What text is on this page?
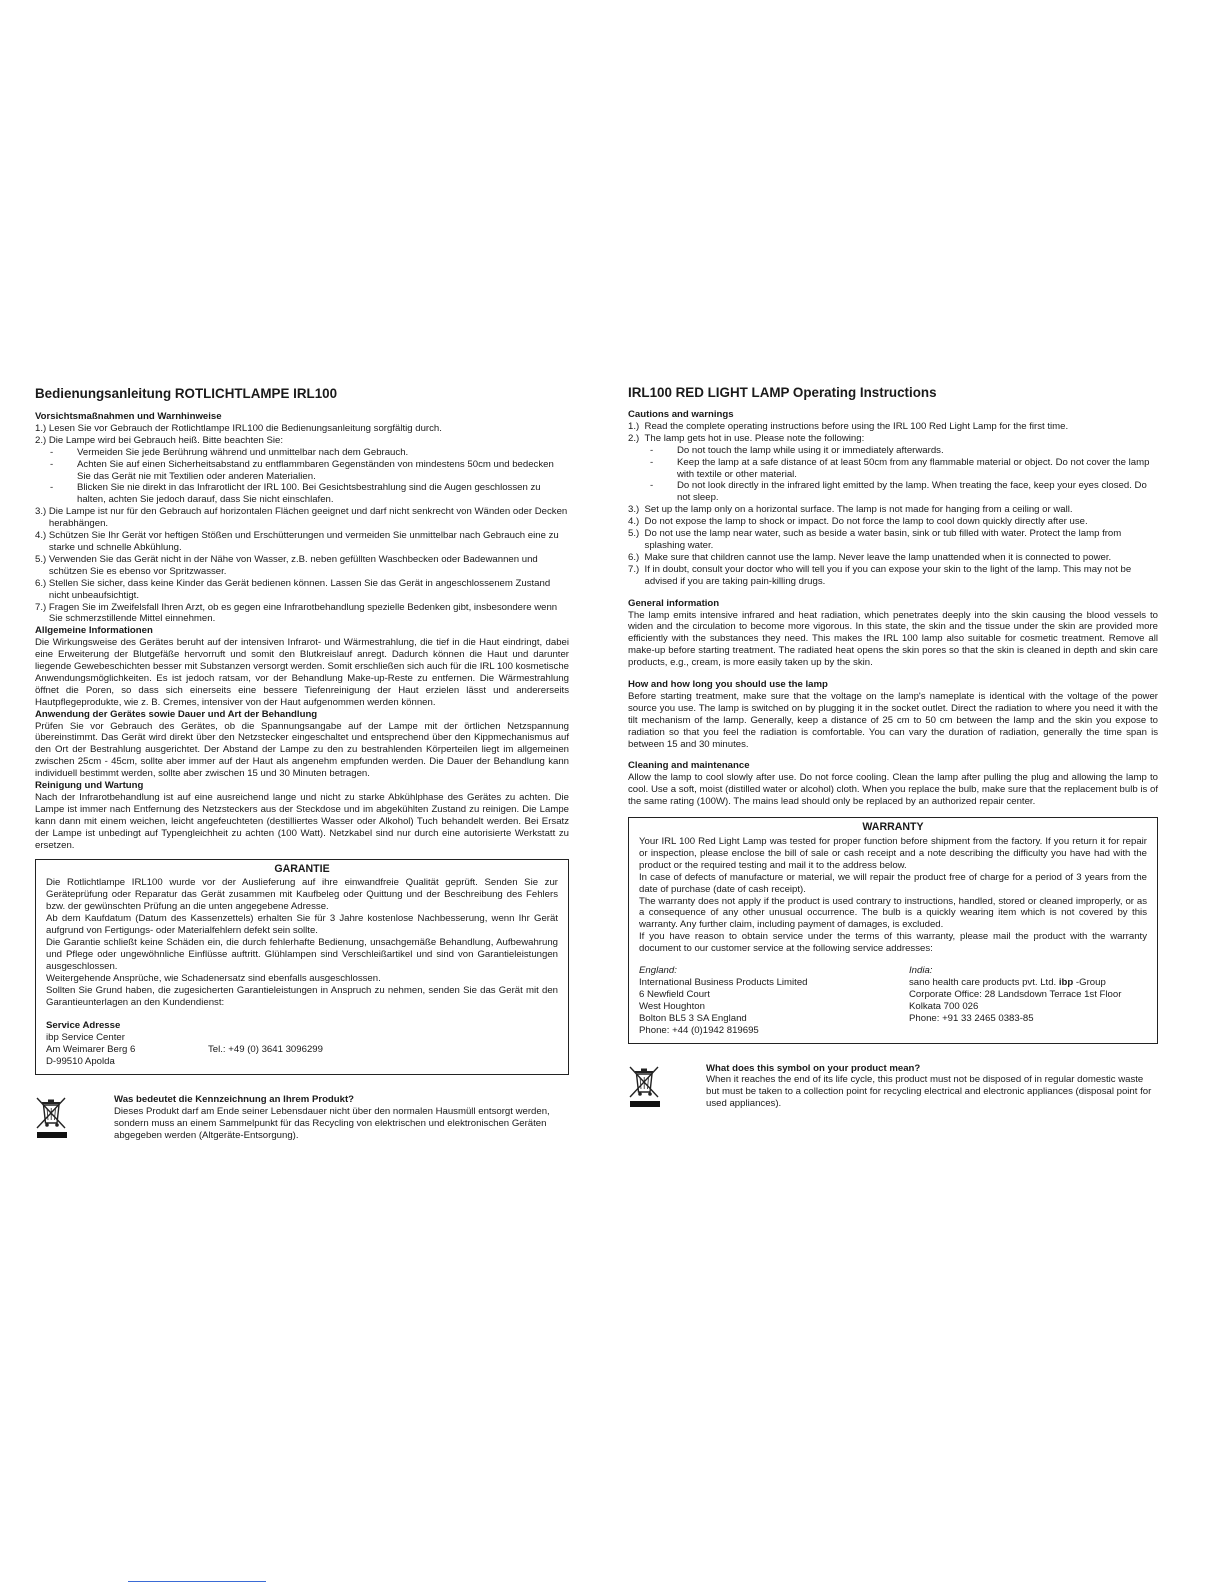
Bedienungsanleitung ROTLICHTLAMPE IRL100

Vorsichtsmaßnahmen und Warnhinweise

1.) Lesen Sie vor Gebrauch der Rotlichtlampe IRL100 die Bedienungsanleitung sorgfältig durch.
2.) Die Lampe wird bei Gebrauch heiß. Bitte beachten Sie:
-	Vermeiden Sie jede Berührung während und unmittelbar nach dem Gebrauch.
-	Achten Sie auf einen Sicherheitsabstand zu entflammbaren Gegenständen von mindestens 50cm und bedecken Sie das Gerät nie mit Textilien oder anderen Materialien.
-	Blicken Sie nie direkt in das Infrarotlicht der IRL 100. Bei Gesichtsbestrahlung sind die Augen geschlossen zu halten, achten Sie jedoch darauf, dass Sie nicht einschlafen.
3.) Die Lampe ist nur für den Gebrauch auf horizontalen Flächen geeignet und darf nicht senkrecht von Wänden oder Decken herabhängen.
4.) Schützen Sie Ihr Gerät vor heftigen Stößen und Erschütterungen und vermeiden Sie unmittelbar nach Gebrauch eine zu starke und schnelle Abkühlung.
5.) Verwenden Sie das Gerät nicht in der Nähe von Wasser, z.B. neben gefüllten Waschbecken oder Badewannen und schützen Sie es ebenso vor Spritzwasser.
6.) Stellen Sie sicher, dass keine Kinder das Gerät bedienen können. Lassen Sie das Gerät in angeschlossenem Zustand nicht unbeaufsichtigt.
7.) Fragen Sie im Zweifelsfall Ihren Arzt, ob es gegen eine Infrarotbehandlung spezielle Bedenken gibt, insbesondere wenn Sie schmerzstillende Mittel einnehmen.

Allgemeine Informationen

Die Wirkungsweise des Gerätes beruht auf der intensiven Infrarot- und Wärmestrahlung, die tief in die Haut eindringt, dabei eine Erweiterung der Blutgefäße hervorruft und somit den Blutkreislauf anregt. Dadurch können die Haut und darunter liegende Gewebeschichten besser mit Substanzen versorgt werden. Somit erschließen sich auch für die IRL 100 kosmetische Anwendungsmöglichkeiten. Es ist jedoch ratsam, vor der Behandlung Make-up-Reste zu entfernen. Die Wärmestrahlung öffnet die Poren, so dass sich einerseits eine bessere Tiefenreinigung der Haut erzielen lässt und andererseits Hautpflegeprodukte, wie z. B. Cremes, intensiver von der Haut aufgenommen werden können.

Anwendung der Gerätes sowie Dauer und Art der Behandlung

Prüfen Sie vor Gebrauch des Gerätes, ob die Spannungsangabe auf der Lampe mit der örtlichen Netzspannung übereinstimmt. Das Gerät wird direkt über den Netzstecker eingeschaltet und entsprechend über den Kippmechanismus auf den Ort der Bestrahlung ausgerichtet. Der Abstand der Lampe zu den zu bestrahlenden Körperteilen liegt im allgemeinen zwischen 25cm - 45cm, sollte aber immer auf der Haut als angenehm empfunden werden. Die Dauer der Behandlung kann individuell bestimmt werden, sollte aber zwischen 15 und 30 Minuten betragen.

Reinigung und Wartung

Nach der Infrarotbehandlung ist auf eine ausreichend lange und nicht zu starke Abkühlphase des Gerätes zu achten. Die Lampe ist immer nach Entfernung des Netzsteckers aus der Steckdose und im abgekühlten Zustand zu reinigen. Die Lampe kann dann mit einem weichen, leicht angefeuchteten (destilliertes Wasser oder Alkohol) Tuch behandelt werden. Bei Ersatz der Lampe ist unbedingt auf Typengleichheit zu achten (100 Watt). Netzkabel sind nur durch eine autorisierte Werkstatt zu ersetzen.

GARANTIE

Die Rotlichtlampe IRL100 wurde vor der Auslieferung auf ihre einwandfreie Qualität geprüft. Senden Sie zur Geräteprüfung oder Reparatur das Gerät zusammen mit Kaufbeleg oder Quittung und der Beschreibung des Fehlers bzw. der gewünschten Prüfung an die unten angegebene Adresse.

Ab dem Kaufdatum (Datum des Kassenzettels) erhalten Sie für 3 Jahre kostenlose Nachbesserung, wenn Ihr Gerät aufgrund von Fertigungs- oder Materialfehlern defekt sein sollte.

Die Garantie schließt keine Schäden ein, die durch fehlerhafte Bedienung, unsachgemäße Behandlung, Aufbewahrung und Pflege oder ungewöhnliche Einflüsse auftritt. Glühlampen sind Verschleißartikel und sind von Garantieleistungen ausgeschlossen.

Weitergehende Ansprüche, wie Schadenersatz sind ebenfalls ausgeschlossen.

Sollten Sie Grund haben, die zugesicherten Garantieleistungen in Anspruch zu nehmen, senden Sie das Gerät mit den Garantieunterlagen an den Kundendienst:

Service Adresse

ibp Service Center

Am Weimarer Berg 6	Tel.: +49 (0) 3641 3096299

D-99510 Apolda

Was bedeutet die Kennzeichnung an Ihrem Produkt?

Dieses Produkt darf am Ende seiner Lebensdauer nicht über den normalen Hausmüll entsorgt werden, sondern muss an einem Sammelpunkt für das Recycling von elektrischen und elektronischen Geräten abgegeben werden (Altgeräte-Entsorgung).

IRL100 RED LIGHT LAMP Operating Instructions

Cautions and warnings

1.) Read the complete operating instructions before using the IRL 100 Red Light Lamp for the first time.
2.) The lamp gets hot in use. Please note the following:
-	Do not touch the lamp while using it or immediately afterwards.
-	Keep the lamp at a safe distance of at least 50cm from any flammable material or object. Do not cover the lamp with textile or other material.
-	Do not look directly in the infrared light emitted by the lamp. When treating the face, keep your eyes closed. Do not sleep.
3.) Set up the lamp only on a horizontal surface. The lamp is not made for hanging from a ceiling or wall.
4.) Do not expose the lamp to shock or impact. Do not force the lamp to cool down quickly directly after use.
5.) Do not use the lamp near water, such as beside a water basin, sink or tub filled with water. Protect the lamp from splashing water.
6.) Make sure that children cannot use the lamp. Never leave the lamp unattended when it is connected to power.
7.) If in doubt, consult your doctor who will tell you if you can expose your skin to the light of the lamp. This may not be advised if you are taking pain-killing drugs.

General information

The lamp emits intensive infrared and heat radiation, which penetrates deeply into the skin causing the blood vessels to widen and the circulation to become more vigorous. In this state, the skin and the tissue under the skin are provided more efficiently with the substances they need. This makes the IRL 100 lamp also suitable for cosmetic treatment. Remove all make-up before starting treatment. The radiated heat opens the skin pores so that the skin is cleaned in depth and skin care products, e.g., cream, is more easily taken up by the skin.

How and how long you should use the lamp

Before starting treatment, make sure that the voltage on the lamp's nameplate is identical with the voltage of the power source you use. The lamp is switched on by plugging it in the socket outlet. Direct the radiation to where you need it with the tilt mechanism of the lamp. Generally, keep a distance of 25 cm to 50 cm between the lamp and the skin you expose to radiation so that you feel the radiation is comfortable. You can vary the duration of radiation, generally the time span is between 15 and 30 minutes.

Cleaning and maintenance

Allow the lamp to cool slowly after use. Do not force cooling. Clean the lamp after pulling the plug and allowing the lamp to cool. Use a soft, moist (distilled water or alcohol) cloth. When you replace the bulb, make sure that the replacement bulb is of the same rating (100W). The mains lead should only be replaced by an authorized repair center.

WARRANTY

Your IRL 100 Red Light Lamp was tested for proper function before shipment from the factory. If you return it for repair or inspection, please enclose the bill of sale or cash receipt and a note describing the difficulty you have had with the product or the required testing and mail it to the address below.

In case of defects of manufacture or material, we will repair the product free of charge for a period of 3 years from the date of purchase (date of cash receipt).

The warranty does not apply if the product is used contrary to instructions, handled, stored or cleaned improperly, or as a consequence of any other unusual occurrence. The bulb is a quickly wearing item which is not covered by this warranty. Any further claim, including payment of damages, is excluded.

If you have reason to obtain service under the terms of this warranty, please mail the product with the warranty document to our customer service at the following service addresses:

England:

International Business Products Limited

6 Newfield Court

West Houghton

Bolton BL5 3 SA England

Phone: +44 (0)1942 819695

India:

sano health care products pvt. Ltd. ibp -Group

Corporate Office: 28 Landsdown Terrace 1st Floor

Kolkata 700 026

Phone: +91 33 2465 0383-85

What does this symbol on your product mean?

When it reaches the end of its life cycle, this product must not be disposed of in regular domestic waste but must be taken to a collection point for recycling electrical and electronic appliances (disposal point for used appliances).
